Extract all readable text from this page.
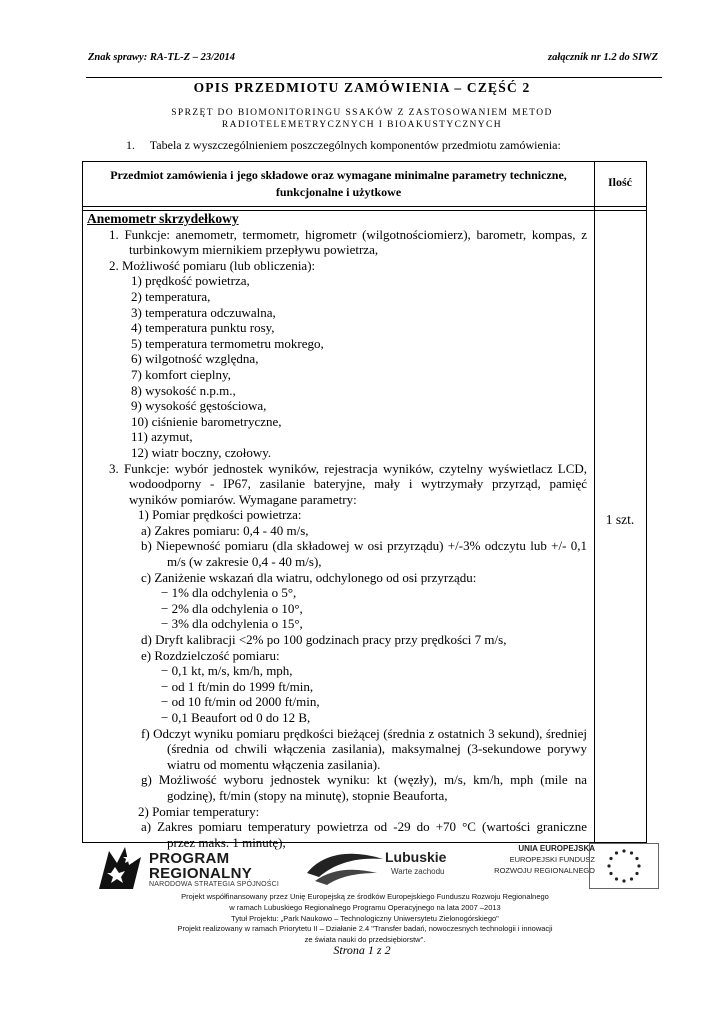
Znak sprawy: RA-TL-Z – 23/2014	załącznik nr 1.2 do SIWZ
OPIS PRZEDMIOTU ZAMÓWIENIA – CZĘŚĆ 2
SPRZĘT DO BIOMONITORINGU SSAKÓW Z ZASTOSOWANIEM METOD RADIOTELEMETRYCZNYCH I BIOAKUSTYCZNYCH
1. Tabela z wyszczególnieniem poszczególnych komponentów przedmiotu zamówienia:
Przedmiot zamówienia i jego składowe oraz wymagane minimalne parametry techniczne, funkcjonalne i użytkowe
Ilość
1 szt.
Anemometr skrzydełkowy
1. Funkcje: anemometr, termometr, higrometr (wilgotnościomierz), barometr, kompas, z turbinkowym miernikiem przepływu powietrza,
2. Możliwość pomiaru (lub obliczenia):
1) prędkość powietrza,
2) temperatura,
3) temperatura odczuwalna,
4) temperatura punktu rosy,
5) temperatura termometru mokrego,
6) wilgotność względna,
7) komfort cieplny,
8) wysokość n.p.m.,
9) wysokość gęstościowa,
10) ciśnienie barometryczne,
11) azymut,
12) wiatr boczny, czołowy.
3. Funkcje: wybór jednostek wyników, rejestracja wyników, czytelny wyświetlacz LCD, wodoodporny - IP67, zasilanie bateryjne, mały i wytrzymały przyrząd, pamięć wyników pomiarów. Wymagane parametry:
1) Pomiar prędkości powietrza:
a) Zakres pomiaru: 0,4 - 40 m/s,
b) Niepewność pomiaru (dla składowej w osi przyrządu) +/-3% odczytu lub +/- 0,1 m/s (w zakresie 0,4 - 40 m/s),
c) Zaniżenie wskazań dla wiatru, odchylonego od osi przyrządu:
− 1% dla odchylenia o 5°,
− 2% dla odchylenia o 10°,
− 3% dla odchylenia o 15°,
d) Dryft kalibracji <2% po 100 godzinach pracy przy prędkości 7 m/s,
e) Rozdzielczość pomiaru:
− 0,1 kt, m/s, km/h, mph,
− od 1 ft/min do 1999 ft/min,
− od 10 ft/min od 2000 ft/min,
− 0,1 Beaufort od 0 do 12 B,
f) Odczyt wyniku pomiaru prędkości bieżącej (średnia z ostatnich 3 sekund), średniej (średnia od chwili włączenia zasilania), maksymalnej (3-sekundowe porywy wiatru od momentu włączenia zasilania).
g) Możliwość wyboru jednostek wyniku: kt (węzły), m/s, km/h, mph (mile na godzinę), ft/min (stopy na minutę), stopnie Beauforta,
2) Pomiar temperatury:
a) Zakres pomiaru temperatury powietrza od -29 do +70 °C (wartości graniczne przez maks. 1 minutę),
PROGRAM
REGIONALNY
NARODOWA STRATEGIA SPÓJNOŚCI
Lubuskie
Warte zachodu
UNIA EUROPEJSKA
EUROPEJSKI FUNDUSZ
ROZWOJU REGIONALNEGO
Projekt współfinansowany przez Unię Europejską ze środków Europejskiego Funduszu Rozwoju Regionalnego
w ramach Lubuskiego Regionalnego Programu Operacyjnego na lata 2007 –2013
Tytuł Projektu: „Park Naukowo – Technologiczny Uniwersytetu Zielonogórskiego"
Projekt realizowany w ramach Priorytetu II – Działanie 2.4 "Transfer badań, nowoczesnych technologii i innowacji
ze świata nauki do przedsiębiorstw".
Strona 1 z 2
